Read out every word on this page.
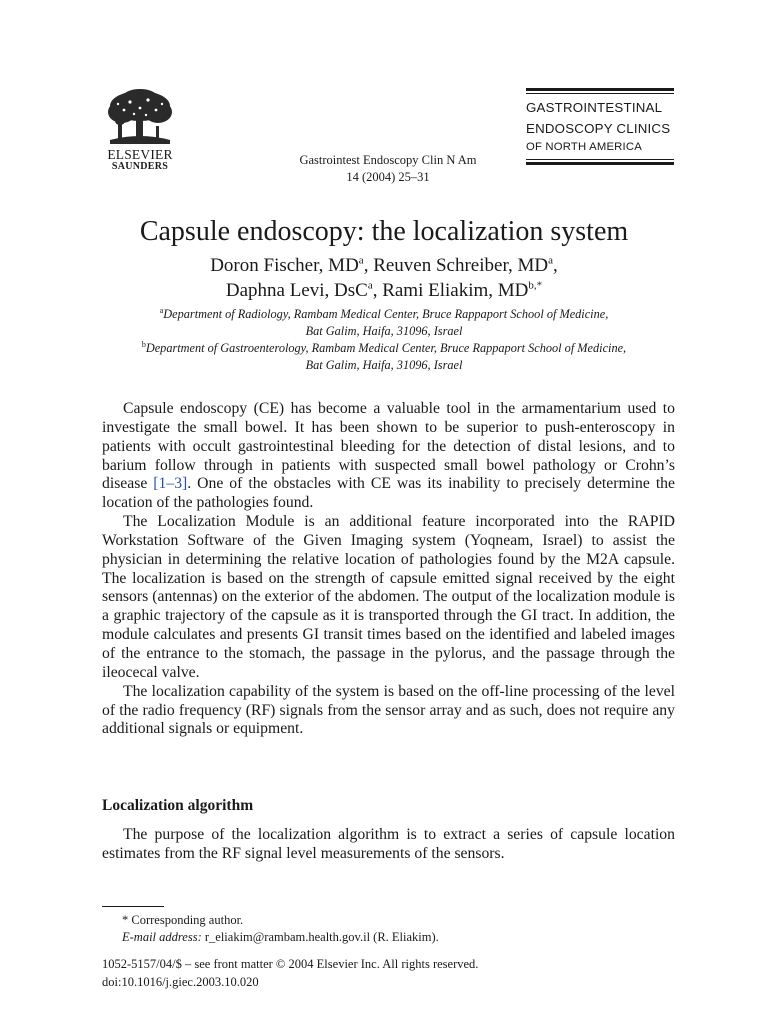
ELSEVIER
SAUNDERS	Gastrointest Endoscopy Clin N Am
14 (2004) 25–31
GASTROINTESTINAL
ENDOSCOPY CLINICS
OF NORTH AMERICA
Capsule endoscopy: the localization system
Doron Fischer, $MD^a$, Reuven Schreiber, $MD^a$,
Daphna Levi, DsC$^a$, Rami Eliakim, $MD^{b,*}$
$^a$Department of Radiology, Rambam Medical Center, Bruce Rappaport School of Medicine,
Bat Galim, Haifa, 31096, Israel
$^b$Department of Gastroenterology, Rambam Medical Center, Bruce Rappaport School of Medicine,
Bat Galim, Haifa, 31096, Israel

Capsule endoscopy (CE) has become a valuable tool in the armamentarium used to investigate the small bowel. It has been shown to be superior to push-enteroscopy in patients with occult gastrointestinal bleeding for the detection of distal lesions, and to barium follow through in patients with suspected small bowel pathology or Crohn’s disease [1–3]. One of the obstacles with CE was its inability to precisely determine the location of the pathologies found.

The Localization Module is an additional feature incorporated into the RAPID Workstation Software of the Given Imaging system (Yoqneam, Israel) to assist the physician in determining the relative location of pathologies found by the M2A capsule. The localization is based on the strength of capsule emitted signal received by the eight sensors (antennas) on the exterior of the abdomen. The output of the localization module is a graphic trajectory of the capsule as it is transported through the GI tract. In addition, the module calculates and presents GI transit times based on the identified and labeled images of the entrance to the stomach, the passage in the pylorus, and the passage through the ileocecal valve.

The localization capability of the system is based on the off-line processing of the level of the radio frequency (RF) signals from the sensor array and as such, does not require any additional signals or equipment.

Localization algorithm

The purpose of the localization algorithm is to extract a series of capsule location estimates from the RF signal level measurements of the sensors.

* Corresponding author.
E-mail address: r_eliakim@rambam.health.gov.il (R. Eliakim).
1052-5157/04/$ – see front matter © 2004 Elsevier Inc. All rights reserved.
doi:10.1016/j.giec.2003.10.020
